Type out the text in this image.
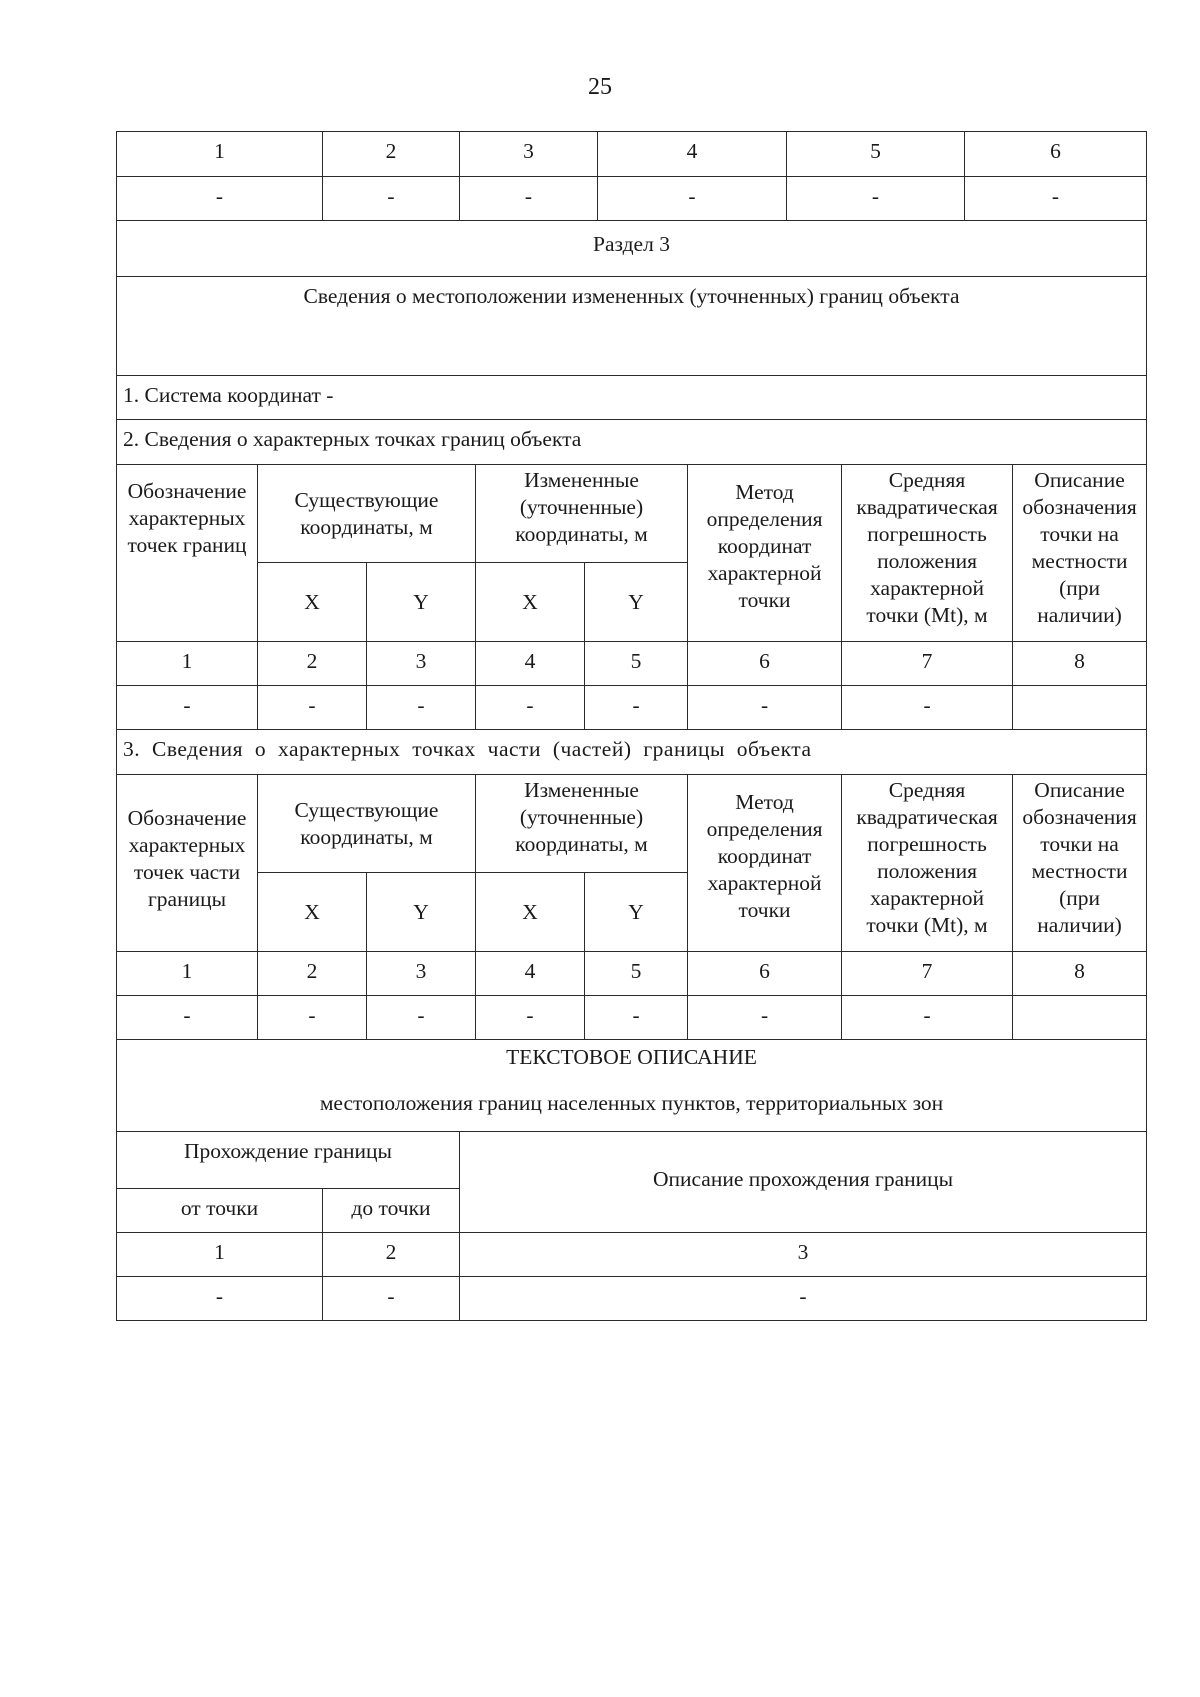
25
1	2	3	4	5	6
-	-	-	-	-	-
Раздел 3					
Сведения о местоположении измененных (уточненных) границ объекта					
1. Система координат -					
2. Сведения о характерных точках границ объекта					
Обозначение характерных точек границ	Существующие координаты, м		Измененные (уточненные) координаты, м		Метод определения координат характерной точки	Средняя квадратическая погрешность положения характерной точки (Mt), м	Описание обозначения точки на местности (при наличии)
	X	Y	X	Y			
1	2	3	4	5	6	7	8
-	-	-	-	-	-	-	
3. Сведения о характерных точках части (частей) границы объекта							
Обозначение характерных точек части границы	Существующие координаты, м		Измененные (уточненные) координаты, м		Метод определения координат характерной точки	Средняя квадратическая погрешность положения характерной точки (Mt), м	Описание обозначения точки на местности (при наличии)
	X	Y	X	Y			
1	2	3	4	5	6	7	8
-	-	-	-	-	-	-	
ТЕКСТОВОЕ ОПИСАНИЕ		
местоположения границ населенных пунктов, территориальных зон		
Прохождение границы		Описание прохождения границы
от точки	до точки	
1	2	3
-	-	-
